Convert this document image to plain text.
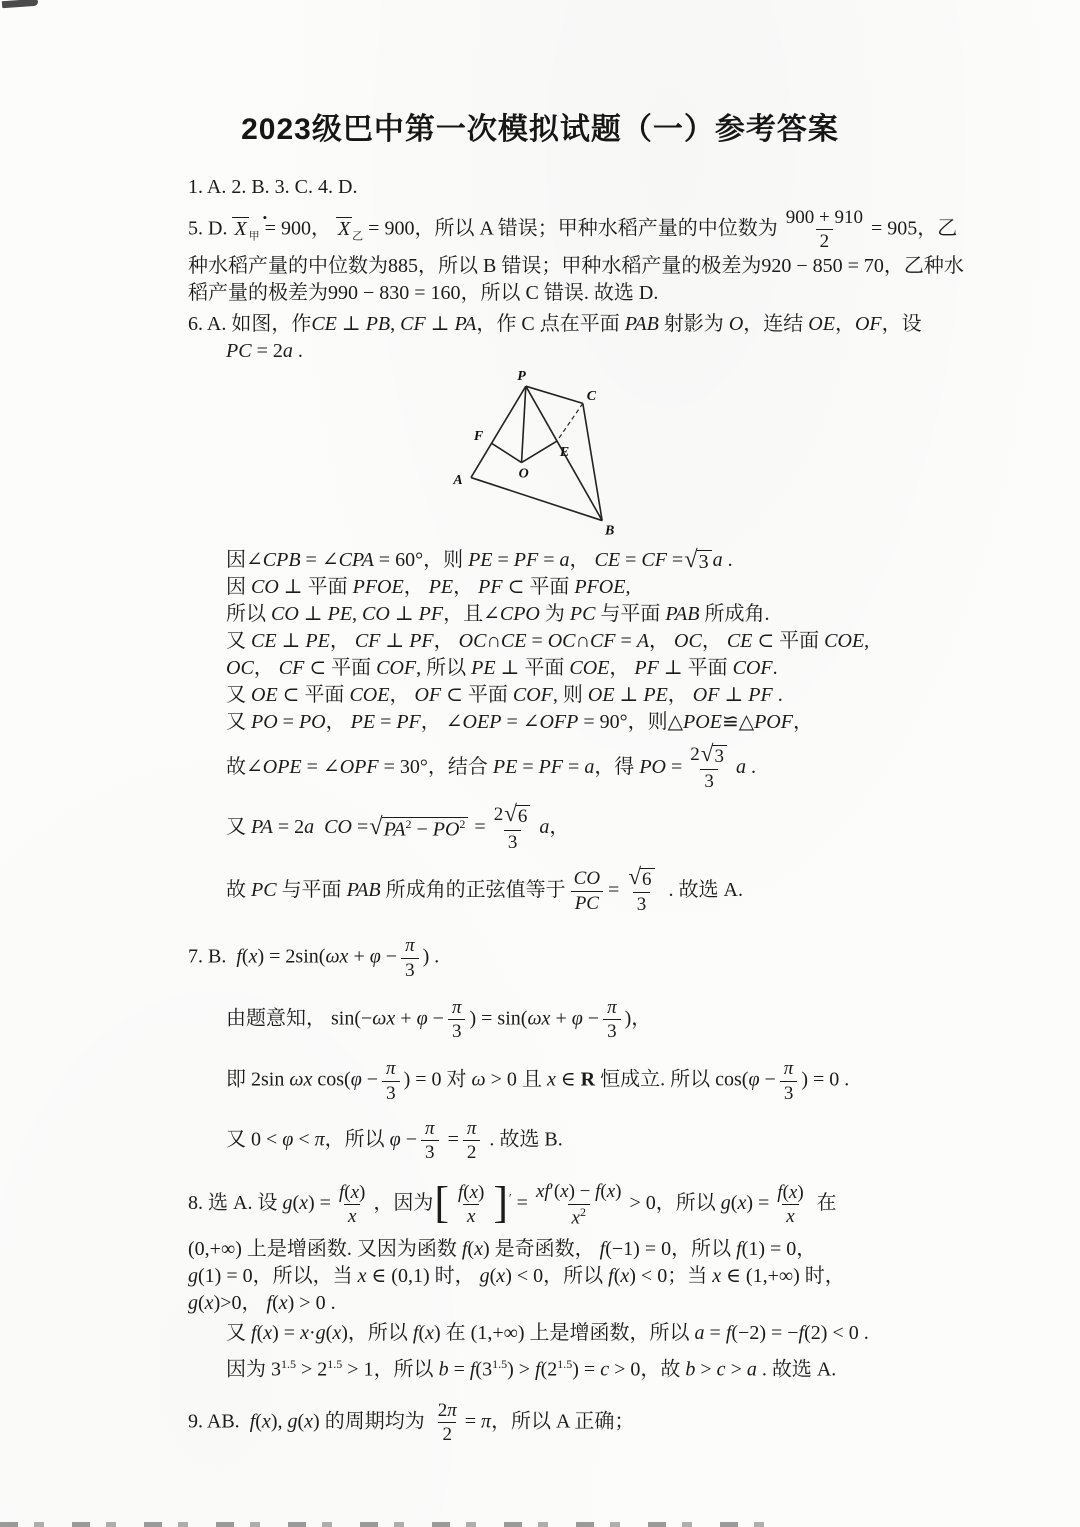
2023级巴中第一次模拟试题（一）参考答案
1. A. 2. B. 3. C. 4. D.
5. D. X $_甲$•= 900， X $_乙$ = 900，所以 A 错误；甲种水稻产量的中位数为 $\frac{900 + 910}{2} = 905$，乙
种水稻产量的中位数为885，所以 B 错误；甲种水稻产量的极差为920 − 850 = 70，乙种水
稻产量的极差为990 − 830 = 160，所以 C 错误. 故选 D.
6. A. 如图，作CE ⊥ PB, CF ⊥ PA，作 C 点在平面 PAB 射影为 O，连结 OE，OF，设
PC = 2a .
P
C
F
E
O
A
B
因∠CPB = ∠CPA = 60°，则 PE = PF = a， CE = CF = √ 3 a .
因 CO ⊥ 平面 PFOE， PE， PF ⊂ 平面 PFOE,
所以 CO ⊥ PE, CO ⊥ PF，且∠CPO 为 PC 与平面 PAB 所成角.
又 CE ⊥ PE， CF ⊥ PF， OC∩CE = OC∩CF = A， OC， CE ⊂ 平面 COE,
OC， CF ⊂ 平面 COF, 所以 PE ⊥ 平面 COE， PF ⊥ 平面 COF.
又 OE ⊂ 平面 COE， OF ⊂ 平面 COF, 则 OE ⊥ PE， OF ⊥ PF .
又 PO = PO， PE = PF， ∠OEP = ∠OFP = 90°，则△POE≌△POF，
故∠OPE = ∠OPF = 30°，结合 PE = PF = a，得 PO = $\frac{2 √ 3}{3}$ a .
又 PA = 2a CO = √ $PA^2 - PO^2 = \frac{2 √ 6}{3}$ a，
故 PC 与平面 PAB 所成角的正弦值等于 $\frac{CO}{PC} = \frac{√ 6}{3}$ . 故选 A.
7. B.  $f(x) = 2\sin(\omega x + \varphi - \frac{\pi}{3}$ ) .
由题意知， $\sin(-\omega x + \varphi - \frac{\pi}{3}$ ) = $\sin(\omega x + \varphi - \frac{\pi}{3}$ )，
即 2sin ωx $\cos(\varphi - \frac{\pi}{3}$ ) = 0 对 ω > 0 且 x ∈ R 恒成立. 所以 $\cos(\varphi - \frac{\pi}{3}$ ) = 0 .
又 0 < φ < π，所以 $\varphi - \frac{\pi}{3} = \frac{\pi}{2}$ . 故选 B.
8. 选 A. 设 $g(x) = \frac{f(x)}{x}$ ，因为[ $\frac{f(x)}{x} ]' = \frac{xf'(x) - f(x)}{x^2} > 0$，所以 $g(x) = \frac{f(x)}{x}$ 在
(0,+∞) 上是增函数. 又因为函数 f(x) 是奇函数， f(−1) = 0，所以 f(1) = 0，
g(1) = 0，所以，当 x ∈ (0,1) 时， g(x) < 0，所以 f(x) < 0；当 x ∈ (1,+∞) 时，
g(x)>0， f(x) > 0 .
又 f(x) = x·g(x)，所以 f(x) 在 (1,+∞) 上是增函数，所以 a = f(−2) = −f(2) < 0 .
因为 $3^{1.5} > 2^{1.5} > 1$，所以 $b = f(3^{1.5}) > f(2^{1.5}) = c > 0$，故 b > c > a . 故选 A.
9. AB.  f(x), g(x) 的周期均为 $\frac{2\pi}{2} = \pi$，所以 A 正确；
